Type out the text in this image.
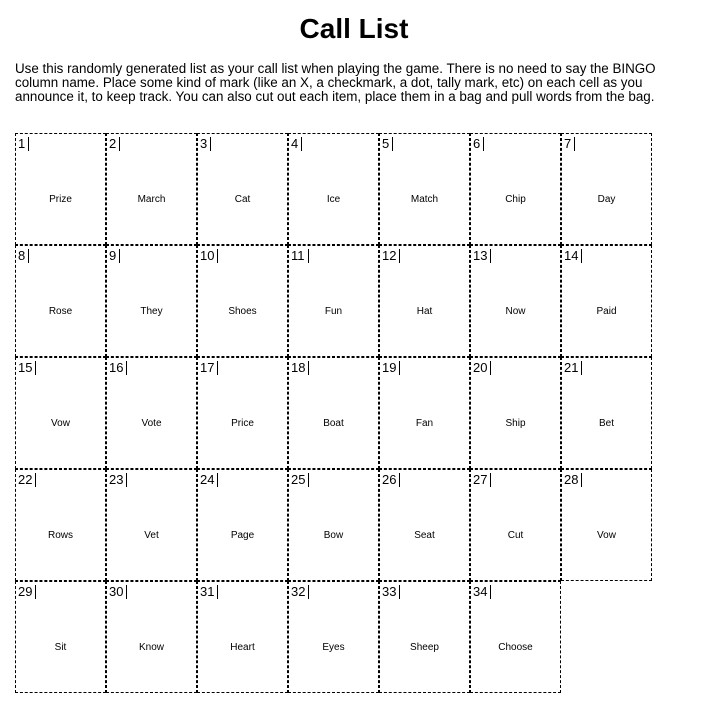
Call List

Use this randomly generated list as your call list when playing the game. There is no need to say the BINGO column name. Place some kind of mark (like an X, a checkmark, a dot, tally mark, etc) on each cell as you announce it, to keep track. You can also cut out each item, place them in a bag and pull words from the bag.

1
Prize
2
March
3
Cat
4
Ice
5
Match
6
Chip
7
Day
8
Rose
9
They
10
Shoes
11
Fun
12
Hat
13
Now
14
Paid
15
Vow
16
Vote
17
Price
18
Boat
19
Fan
20
Ship
21
Bet
22
Rows
23
Vet
24
Page
25
Bow
26
Seat
27
Cut
28
Vow
29
Sit
30
Know
31
Heart
32
Eyes
33
Sheep
34
Choose
